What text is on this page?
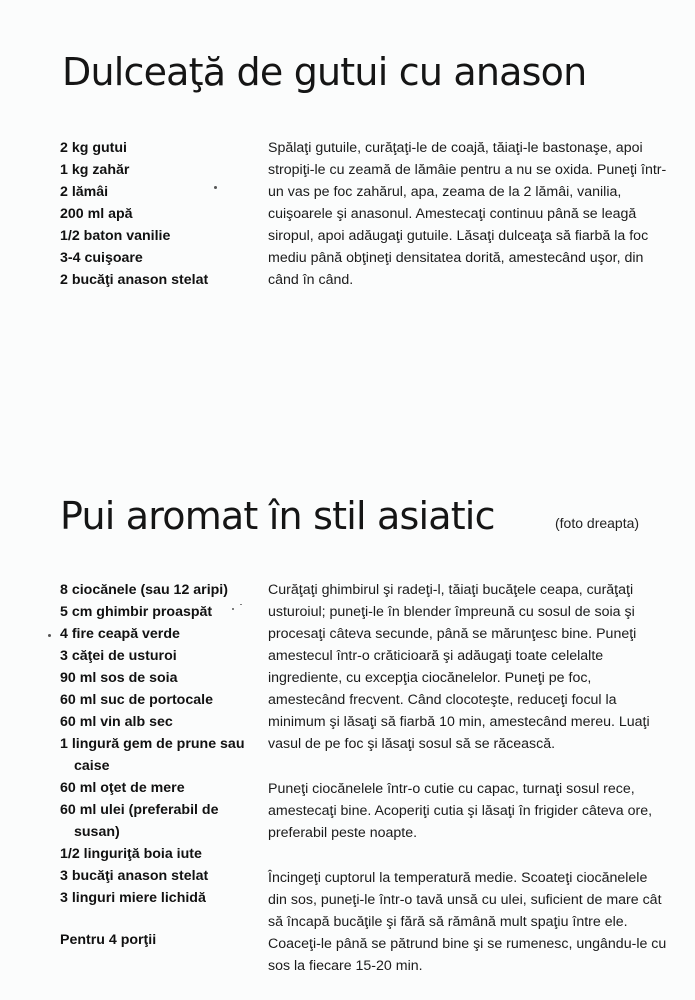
Dulceaţă de gutui cu anason
2 kg gutui
1 kg zahăr
2 lămâi
200 ml apă
1/2 baton vanilie
3-4 cuişoare
2 bucăţi anason stelat

Spălaţi gutuile, curăţaţi-le de coajă, tăiaţi-le bastonaşe, apoi stropiţi-le cu zeamă de lămâie pentru a nu se oxida. Puneţi într-un vas pe foc zahărul, apa, zeama de la 2 lămâi, vanilia, cuişoarele şi anasonul. Amestecaţi continuu până se leagă siropul, apoi adăugaţi gutuile. Lăsaţi dulceaţa să fiarbă la foc mediu până obţineţi densitatea dorită, amestecând uşor, din când în când.

Pui aromat în stil asiatic	(foto dreapta)
8 ciocănele (sau 12 aripi)
5 cm ghimbir proaspăt
4 fire ceapă verde
3 căţei de usturoi
90 ml sos de soia
60 ml suc de portocale
60 ml vin alb sec
1 lingură gem de prune sau caise
60 ml oţet de mere
60 ml ulei (preferabil de susan)
1/2 linguriţă boia iute
3 bucăţi anason stelat
3 linguri miere lichidă
Pentru 4 porţii

Curăţaţi ghimbirul şi radeţi-l, tăiaţi bucăţele ceapa, curăţaţi usturoiul; puneţi-le în blender împreună cu sosul de soia şi procesaţi câteva secunde, până se mărunţesc bine. Puneţi amestecul într-o crăticioară şi adăugaţi toate celelalte ingrediente, cu excepţia ciocănelelor. Puneţi pe foc, amestecând frecvent. Când clocoteşte, reduceţi focul la minimum şi lăsaţi să fiarbă 10 min, amestecând mereu. Luaţi vasul de pe foc şi lăsaţi sosul să se răcească.

Puneţi ciocănelele într-o cutie cu capac, turnaţi sosul rece, amestecaţi bine. Acoperiţi cutia şi lăsaţi în frigider câteva ore, preferabil peste noapte.

Încingeţi cuptorul la temperatură medie. Scoateţi ciocănelele din sos, puneţi-le într-o tavă unsă cu ulei, suficient de mare cât să încapă bucăţile şi fără să rămână mult spaţiu între ele. Coaceţi-le până se pătrund bine şi se rumenesc, ungându-le cu sos la fiecare 15-20 min.
